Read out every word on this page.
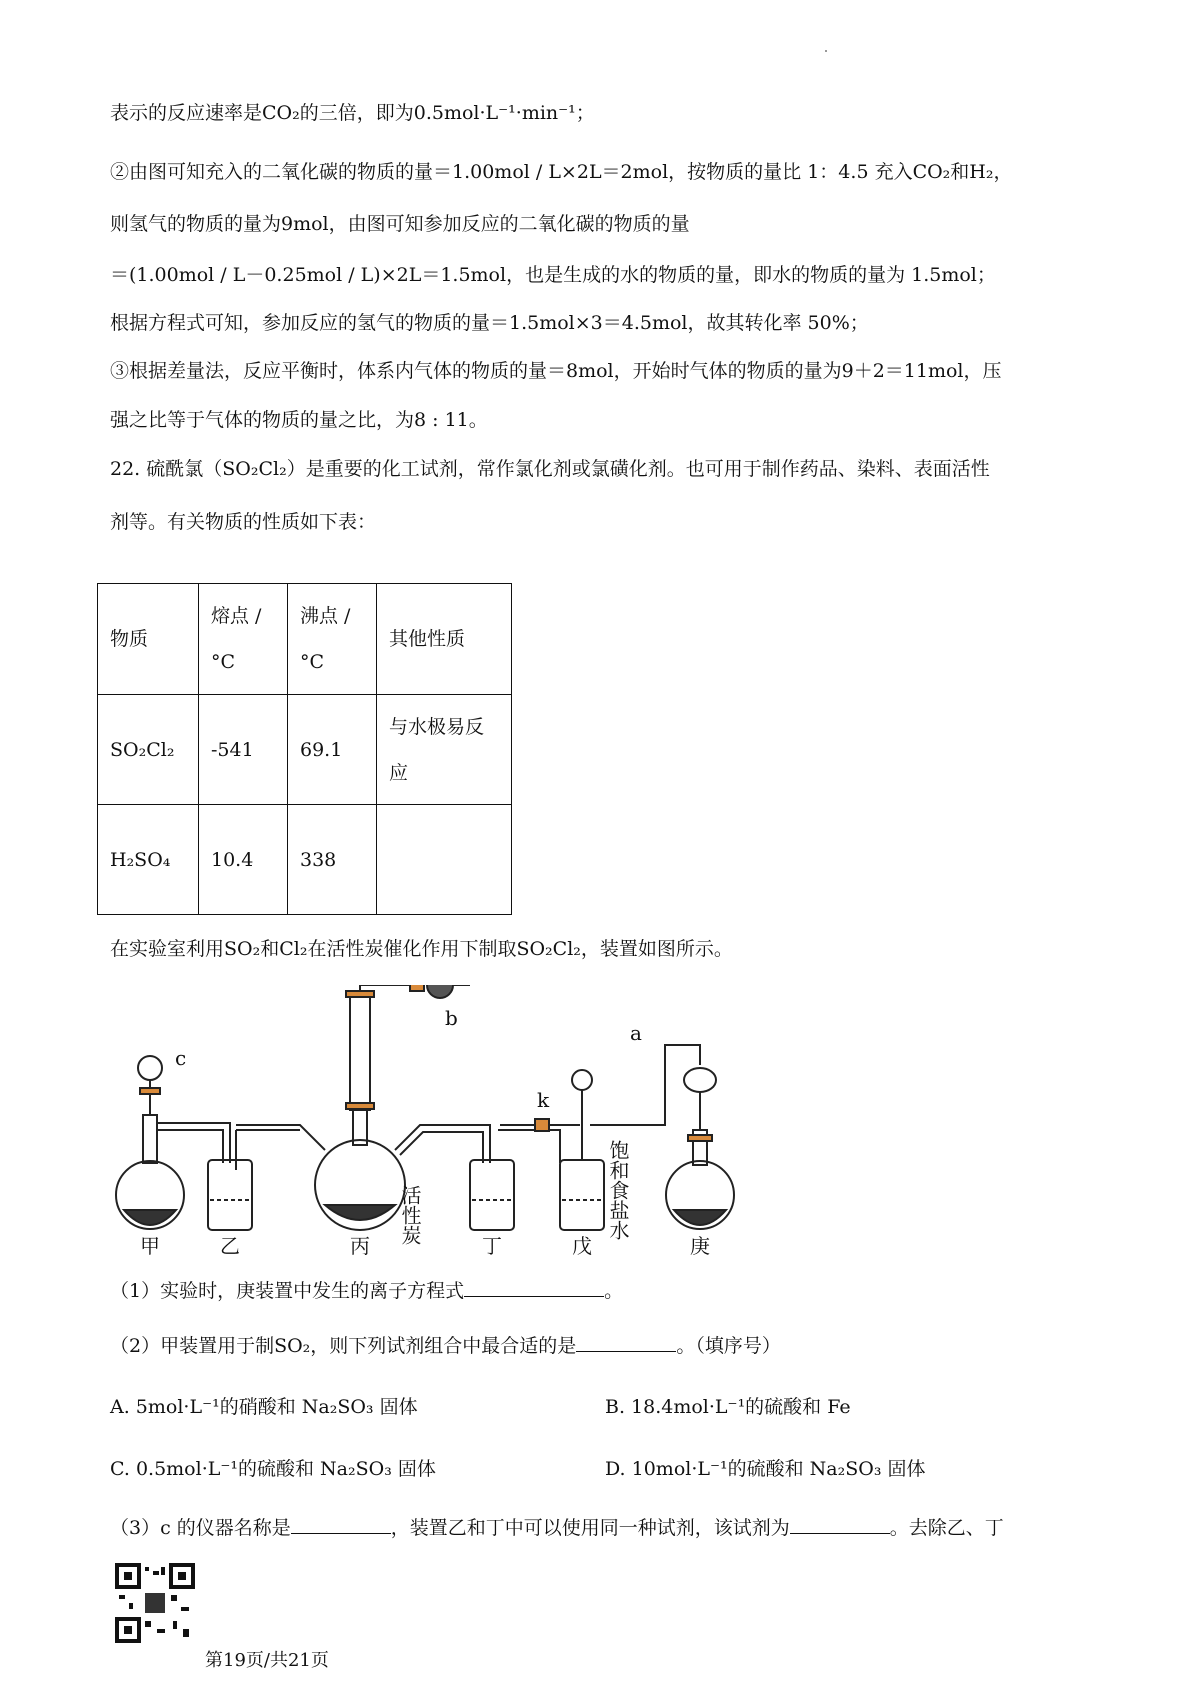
表示的反应速率是CO₂的三倍，即为0.5mol·L⁻¹·min⁻¹；
②由图可知充入的二氧化碳的物质的量＝1.00mol / L×2L＝2mol，按物质的量比 1：4.5 充入CO₂和H₂，
则氢气的物质的量为9mol，由图可知参加反应的二氧化碳的物质的量
＝(1.00mol / L－0.25mol / L)×2L＝1.5mol，也是生成的水的物质的量，即水的物质的量为 1.5mol；
根据方程式可知，参加反应的氢气的物质的量＝1.5mol×3＝4.5mol，故其转化率 50%；
③根据差量法，反应平衡时，体系内气体的物质的量＝8mol，开始时气体的物质的量为9＋2＝11mol，压
强之比等于气体的物质的量之比，为8 : 11。
22. 硫酰氯（SO₂Cl₂）是重要的化工试剂，常作氯化剂或氯磺化剂。也可用于制作药品、染料、表面活性
剂等。有关物质的性质如下表：
物质	熔点 /°C	沸点 /°C	其他性质
SO₂Cl₂	-541	69.1	与水极易反应
H₂SO₄	10.4	338	
在实验室利用SO₂和Cl₂在活性炭催化作用下制取SO₂Cl₂，装置如图所示。
甲	乙	丙	丁	戊	庚
a
b
c
k
活性炭	饱和食盐水
（1）实验时，庚装置中发生的离子方程式	。
（2）甲装置用于制SO₂，则下列试剂组合中最合适的是	。（填序号）
A. 5mol·L⁻¹的硝酸和 Na₂SO₃ 固体	B. 18.4mol·L⁻¹的硫酸和 Fe
C. 0.5mol·L⁻¹的硫酸和 Na₂SO₃ 固体	D. 10mol·L⁻¹的硫酸和 Na₂SO₃ 固体
（3）c 的仪器名称是	，装置乙和丁中可以使用同一种试剂，该试剂为	。去除乙、丁
第19页/共21页
